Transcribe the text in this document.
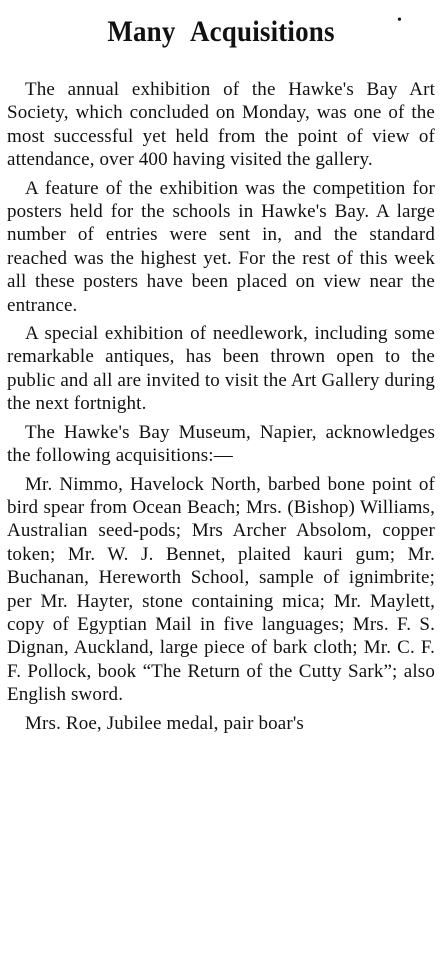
Many Acquisitions	•

The annual exhibition of the Hawke's Bay Art Society, which concluded on Monday, was one of the most successful yet held from the point of view of attendance, over 400 having visited the gallery.

A feature of the exhibition was the competition for posters held for the schools in Hawke's Bay. A large number of entries were sent in, and the standard reached was the highest yet. For the rest of this week all these posters have been placed on view near the entrance.

A special exhibition of needlework, including some remarkable antiques, has been thrown open to the public and all are invited to visit the Art Gallery during the next fortnight.

The Hawke's Bay Museum, Napier, acknowledges the following acquisitions:—

Mr. Nimmo, Havelock North, barbed bone point of bird spear from Ocean Beach; Mrs. (Bishop) Williams, Australian seed-pods; Mrs Archer Absolom, copper token; Mr. W. J. Bennet, plaited kauri gum; Mr. Buchanan, Hereworth School, sample of ignimbrite; per Mr. Hayter, stone containing mica; Mr. Maylett, copy of Egyptian Mail in five languages; Mrs. F. S. Dignan, Auckland, large piece of bark cloth; Mr. C. F. F. Pollock, book “The Return of the Cutty Sark”; also English sword.

Mrs. Roe, Jubilee medal, pair boar's
